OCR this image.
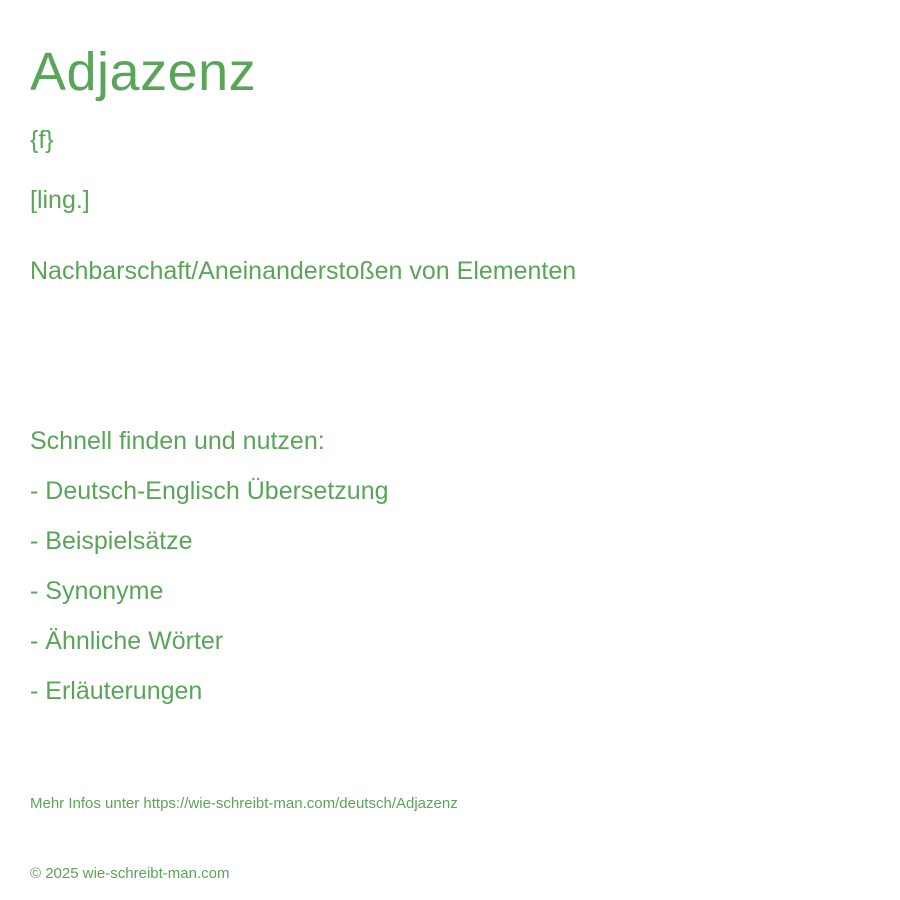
Adjazenz
{f}
[ling.]
Nachbarschaft/Aneinanderstoßen von Elementen
Schnell finden und nutzen:
- Deutsch-Englisch Übersetzung
- Beispielsätze
- Synonyme
- Ähnliche Wörter
- Erläuterungen
Mehr Infos unter https://wie-schreibt-man.com/deutsch/Adjazenz
© 2025 wie-schreibt-man.com
